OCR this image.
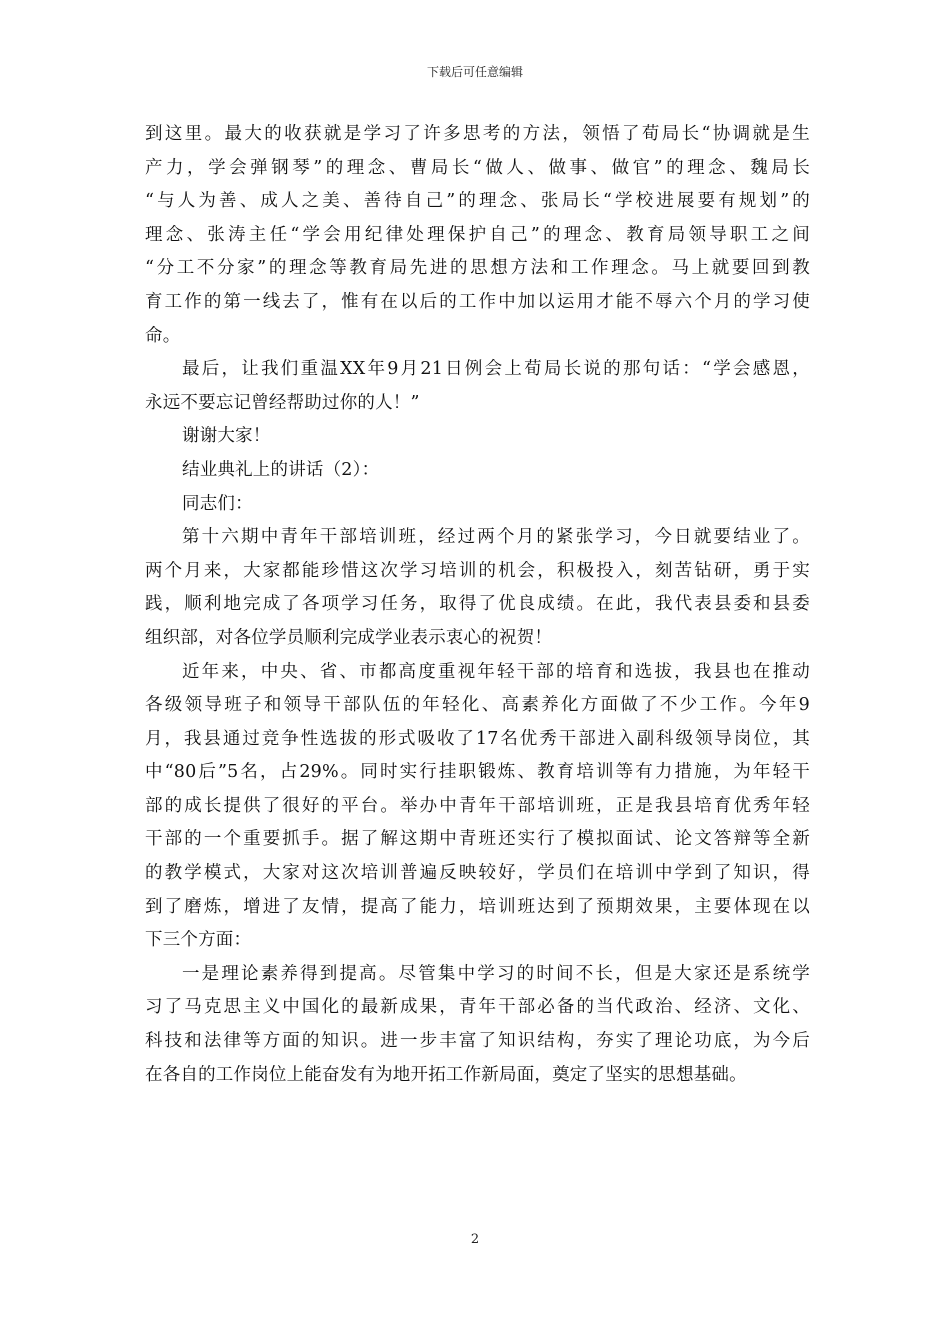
下载后可任意编辑
到这里。最大的收获就是学习了许多思考的方法，领悟了荀局长“协调就是生
产力，学会弹钢琴”的理念、曹局长“做人、做事、做官”的理念、魏局长
“与人为善、成人之美、善待自己”的理念、张局长“学校进展要有规划”的
理念、张涛主任“学会用纪律处理保护自己”的理念、教育局领导职工之间
“分工不分家”的理念等教育局先进的思想方法和工作理念。马上就要回到教
育工作的第一线去了，惟有在以后的工作中加以运用才能不辱六个月的学习使
命。
最后，让我们重温XX年9月21日例会上荀局长说的那句话：“学会感恩，
永远不要忘记曾经帮助过你的人！”
谢谢大家！
结业典礼上的讲话（2）：
同志们：
第十六期中青年干部培训班，经过两个月的紧张学习，今日就要结业了。
两个月来，大家都能珍惜这次学习培训的机会，积极投入，刻苦钻研，勇于实
践，顺利地完成了各项学习任务，取得了优良成绩。在此，我代表县委和县委
组织部，对各位学员顺利完成学业表示衷心的祝贺！
近年来，中央、省、市都高度重视年轻干部的培育和选拔，我县也在推动
各级领导班子和领导干部队伍的年轻化、高素养化方面做了不少工作。今年9
月，我县通过竞争性选拔的形式吸收了17名优秀干部进入副科级领导岗位，其
中“80后”5名，占29%。同时实行挂职锻炼、教育培训等有力措施，为年轻干
部的成长提供了很好的平台。举办中青年干部培训班，正是我县培育优秀年轻
干部的一个重要抓手。据了解这期中青班还实行了模拟面试、论文答辩等全新
的教学模式，大家对这次培训普遍反映较好，学员们在培训中学到了知识，得
到了磨炼，增进了友情，提高了能力，培训班达到了预期效果，主要体现在以
下三个方面：
一是理论素养得到提高。尽管集中学习的时间不长，但是大家还是系统学
习了马克思主义中国化的最新成果，青年干部必备的当代政治、经济、文化、
科技和法律等方面的知识。进一步丰富了知识结构，夯实了理论功底，为今后
在各自的工作岗位上能奋发有为地开拓工作新局面，奠定了坚实的思想基础。
2
